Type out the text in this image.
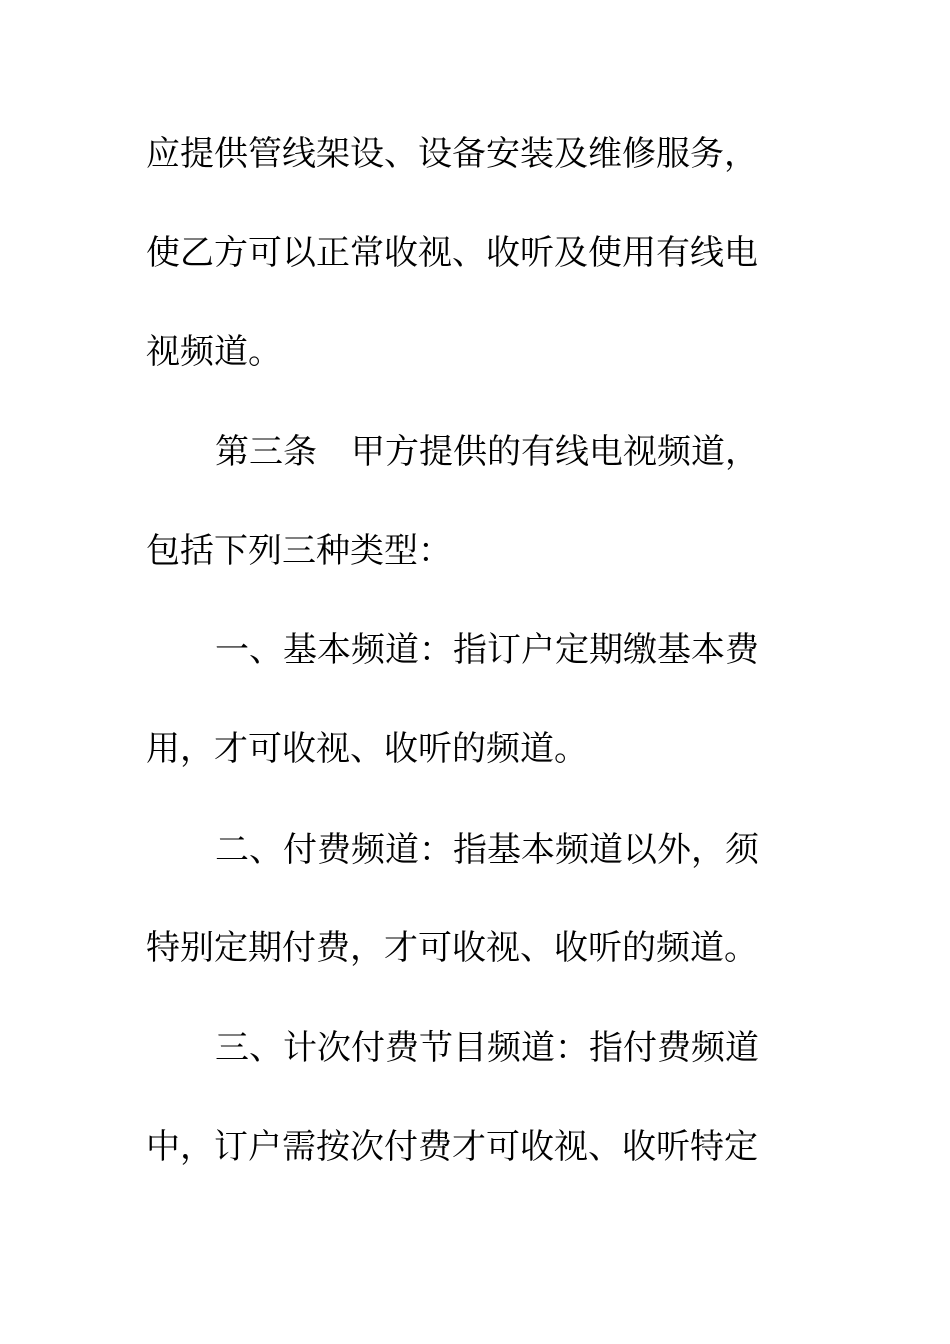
应提供管线架设、设备安装及维修服务，
使乙方可以正常收视、收听及使用有线电
视频道。
第三条　甲方提供的有线电视频道，
包括下列三种类型：
一、基本频道：指订户定期缴基本费
用，才可收视、收听的频道。
二、付费频道：指基本频道以外，须
特别定期付费，才可收视、收听的频道。
三、计次付费节目频道：指付费频道
中，订户需按次付费才可收视、收听特定
